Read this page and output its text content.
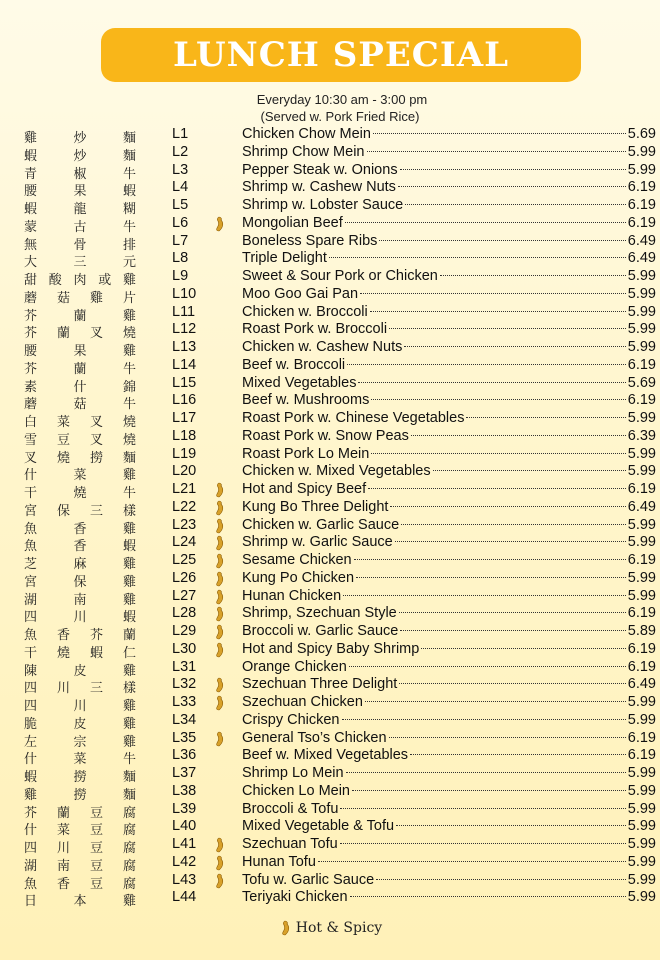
LUNCH SPECIAL
Everyday 10:30 am - 3:00 pm
(Served w. Pork Fried Rice)
雞	炒	麵 L1	Chicken Chow Mein	5.69
蝦	炒	麵 L2	Shrimp Chow Mein	5.99
青	椒	牛 L3	Pepper Steak w. Onions	5.99
腰	果	蝦 L4	Shrimp w. Cashew Nuts	6.19
蝦	龍	糊 L5	Shrimp w. Lobster Sauce	6.19
蒙	古	牛 L6	Mongolian Beef	6.19
無	骨	排 L7	Boneless Spare Ribs	6.49
大	三	元 L8	Triple Delight	6.49
甜 酸 肉 或 雞 L9	Sweet & Sour Pork or Chicken	5.99
蘑 菇 雞 片 L10	Moo Goo Gai Pan	5.99
芥	蘭	雞 L11	Chicken w. Broccoli	5.99
芥 蘭 叉 燒 L12	Roast Pork w. Broccoli	5.99
腰	果	雞 L13	Chicken w. Cashew Nuts	5.99
芥	蘭	牛 L14	Beef w. Broccoli	6.19
素	什	錦 L15	Mixed Vegetables	5.69
蘑	菇	牛 L16	Beef w. Mushrooms	6.19
白 菜 叉 燒 L17	Roast Pork w. Chinese Vegetables	5.99
雪 豆 叉 燒 L18	Roast Pork w. Snow Peas	6.39
叉 燒 撈 麵 L19	Roast Pork Lo Mein	5.99
什	菜	雞 L20	Chicken w. Mixed Vegetables	5.99
干	燒	牛 L21	Hot and Spicy Beef	6.19
宮 保 三 樣 L22	Kung Bo Three Delight	6.49
魚	香	雞 L23	Chicken w. Garlic Sauce	5.99
魚	香	蝦 L24	Shrimp w. Garlic Sauce	5.99
芝	麻	雞 L25	Sesame Chicken	6.19
宮	保	雞 L26	Kung Po Chicken	5.99
湖	南	雞 L27	Hunan Chicken	5.99
四	川	蝦 L28	Shrimp, Szechuan Style	6.19
魚 香 芥 蘭 L29	Broccoli w. Garlic Sauce	5.89
干 燒 蝦 仁 L30	Hot and Spicy Baby Shrimp	6.19
陳	皮	雞 L31	Orange Chicken	6.19
四 川 三 樣 L32	Szechuan Three Delight	6.49
四	川	雞 L33	Szechuan Chicken	5.99
脆	皮	雞 L34	Crispy Chicken	5.99
左	宗	雞 L35	General Tso’s Chicken	6.19
什	菜	牛 L36	Beef w. Mixed Vegetables	6.19
蝦	撈	麵 L37	Shrimp Lo Mein	5.99
雞	撈	麵 L38	Chicken Lo Mein	5.99
芥 蘭 豆 腐 L39	Broccoli & Tofu	5.99
什 菜 豆 腐 L40	Mixed Vegetable & Tofu	5.99
四 川 豆 腐 L41	Szechuan Tofu	5.99
湖 南 豆 腐 L42	Hunan Tofu	5.99
魚 香 豆 腐 L43	Tofu w. Garlic Sauce	5.99
日	本	雞 L44	Teriyaki Chicken	5.99
Hot & Spicy
